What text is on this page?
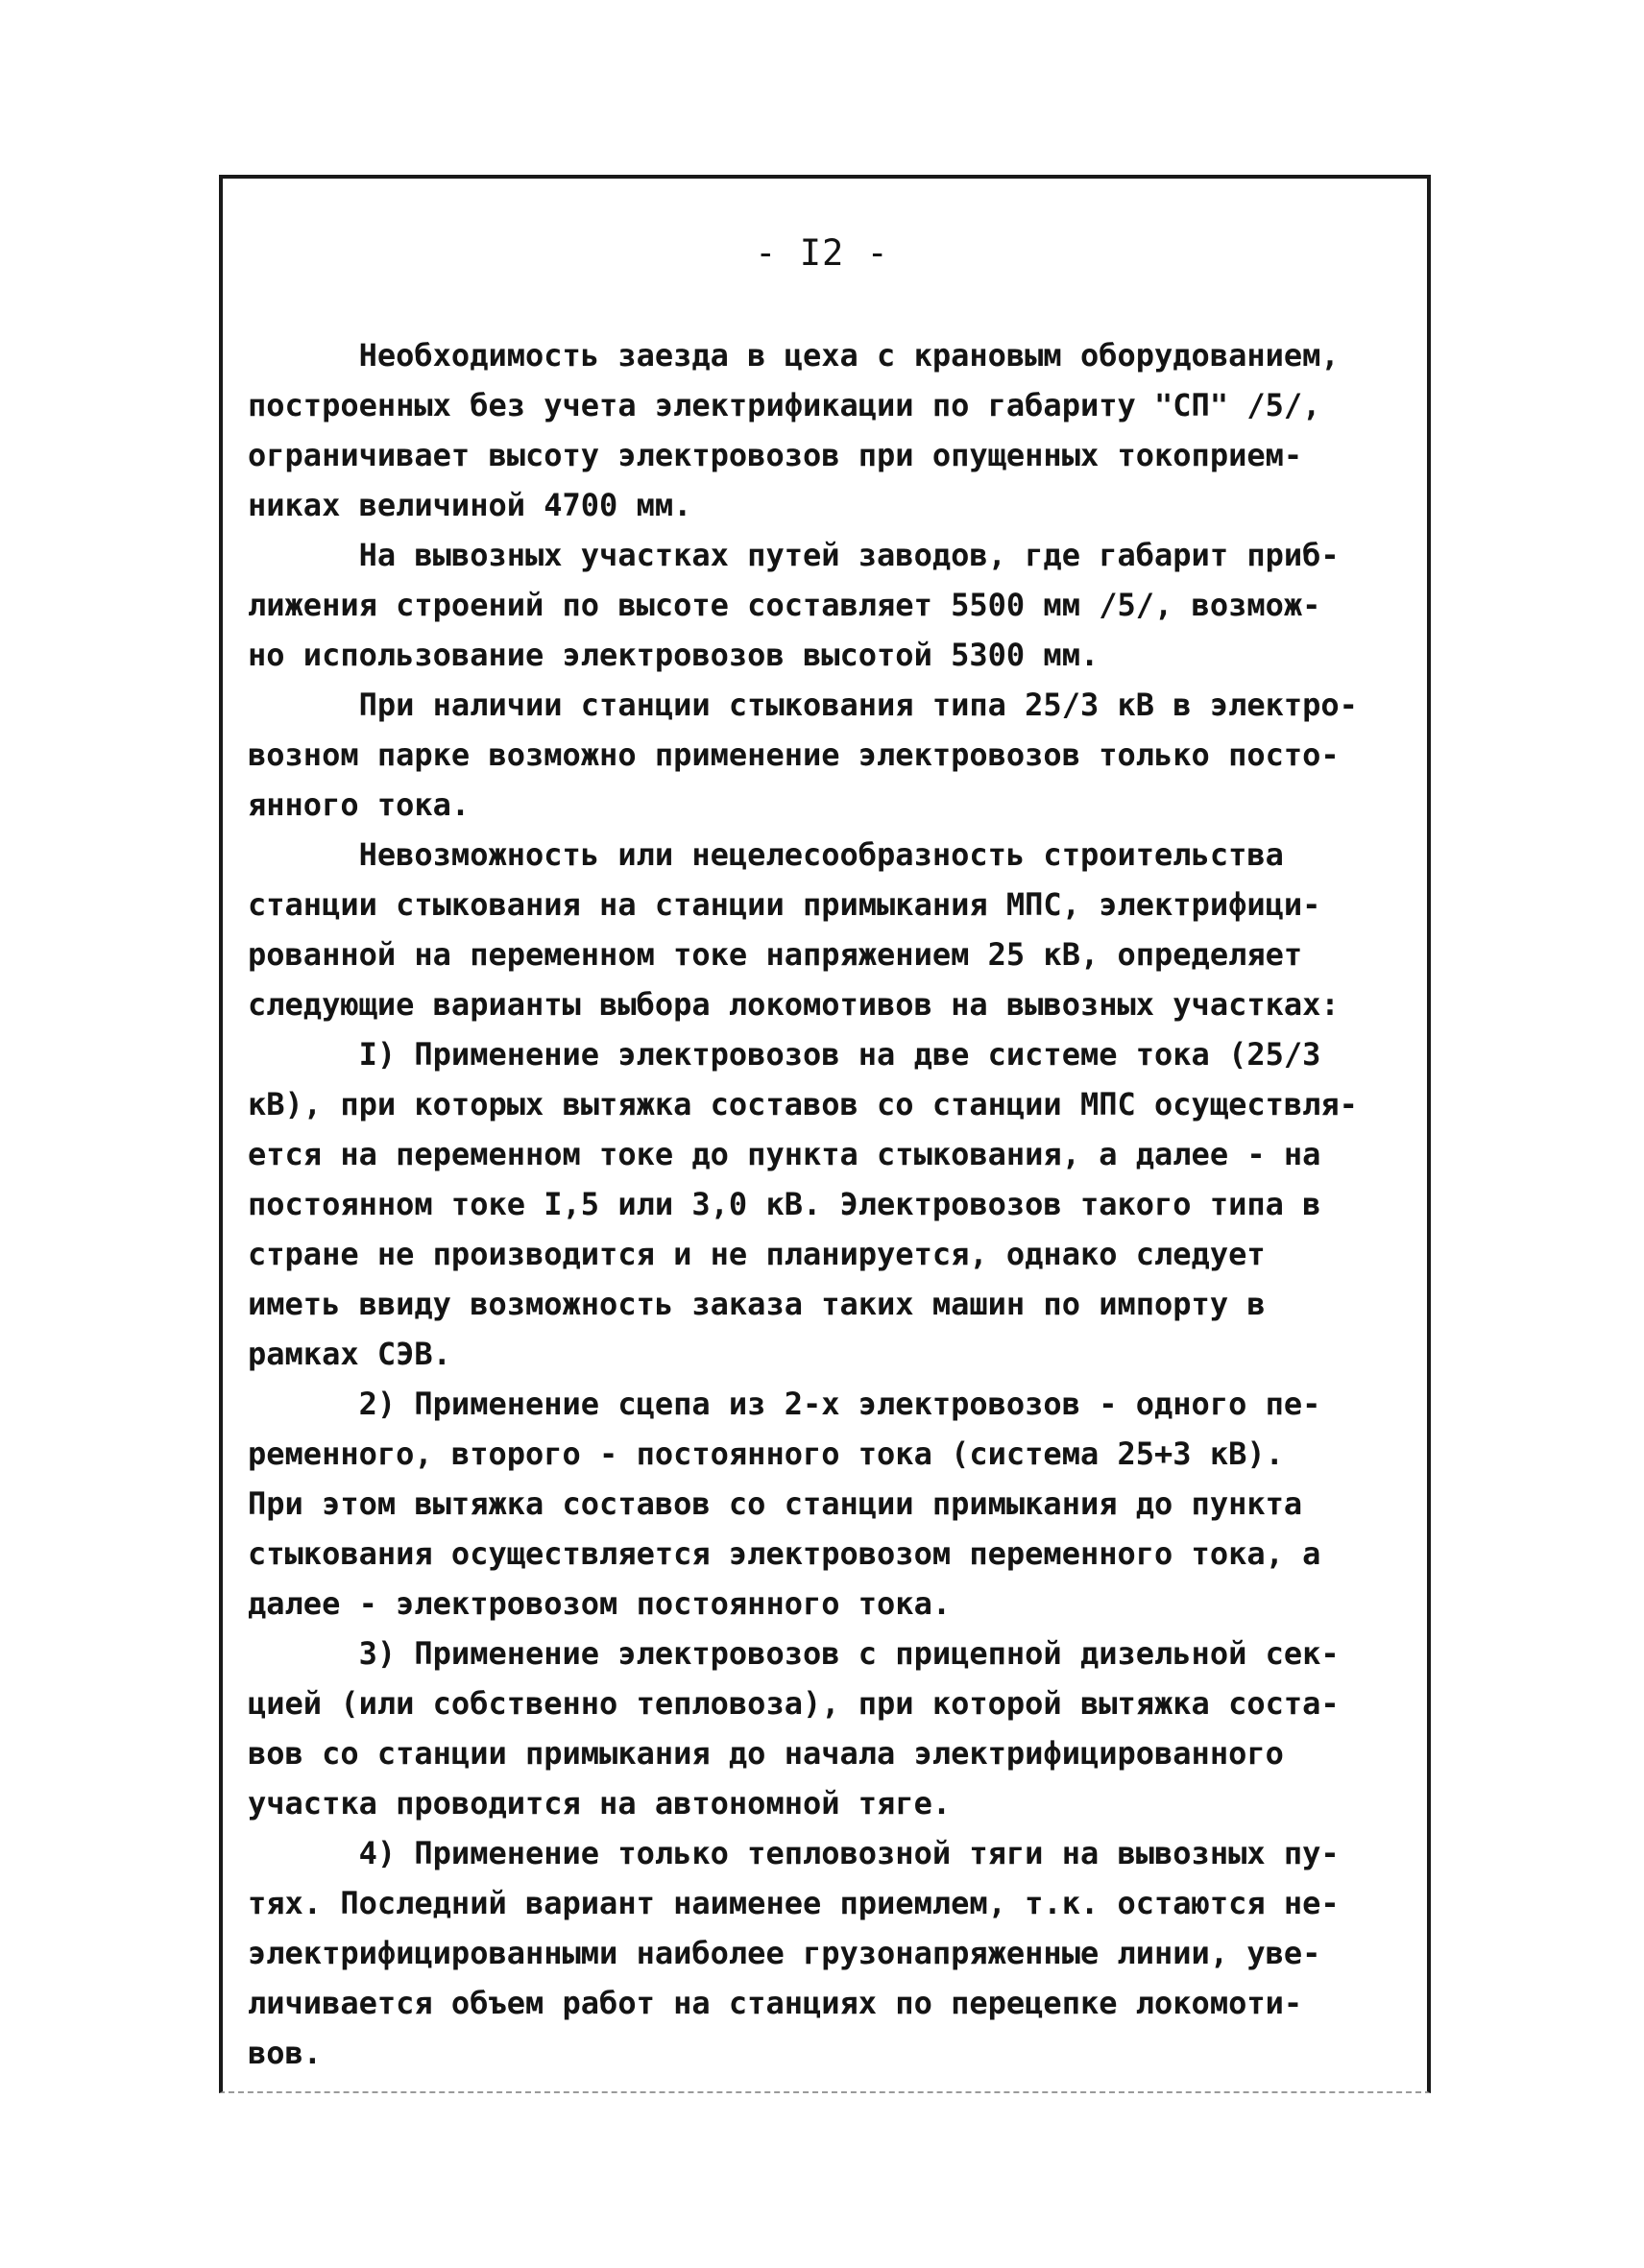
- I2 -
Необходимость заезда в цеха с крановым оборудованием,
построенных без учета электрификации по габариту "СП" /5/,
ограничивает высоту электровозов при опущенных токоприем-
никах величиной 4700 мм.
На вывозных участках путей заводов, где габарит приб-
лижения строений по высоте составляет 5500 мм /5/, возмож-
но использование электровозов высотой 5300 мм.
При наличии станции стыкования типа 25/3 кВ в электро-
возном парке возможно применение электровозов только посто-
янного тока.
Невозможность или нецелесообразность строительства
станции стыкования на станции примыкания МПС, электрифици-
рованной на переменном токе напряжением 25 кВ, определяет
следующие варианты выбора локомотивов на вывозных участках:
I) Применение электровозов на две системе тока (25/3
кВ), при которых вытяжка составов со станции МПС осуществля-
ется на переменном токе до пункта стыкования, а далее - на
постоянном токе I,5 или 3,0 кВ. Электровозов такого типа в
стране не производится и не планируется, однако следует
иметь ввиду возможность заказа таких машин по импорту в
рамках СЭВ.
2) Применение сцепа из 2-х электровозов - одного пе-
ременного, второго - постоянного тока (система 25+3 кВ).
При этом вытяжка составов со станции примыкания до пункта
стыкования осуществляется электровозом переменного тока, а
далее - электровозом постоянного тока.
3) Применение электровозов с прицепной дизельной сек-
цией (или собственно тепловоза), при которой вытяжка соста-
вов со станции примыкания до начала электрифицированного
участка проводится на автономной тяге.
4) Применение только тепловозной тяги на вывозных пу-
тях. Последний вариант наименее приемлем, т.к. остаются не-
электрифицированными наиболее грузонапряженные линии, уве-
личивается объем работ на станциях по перецепке локомоти-
вов.
